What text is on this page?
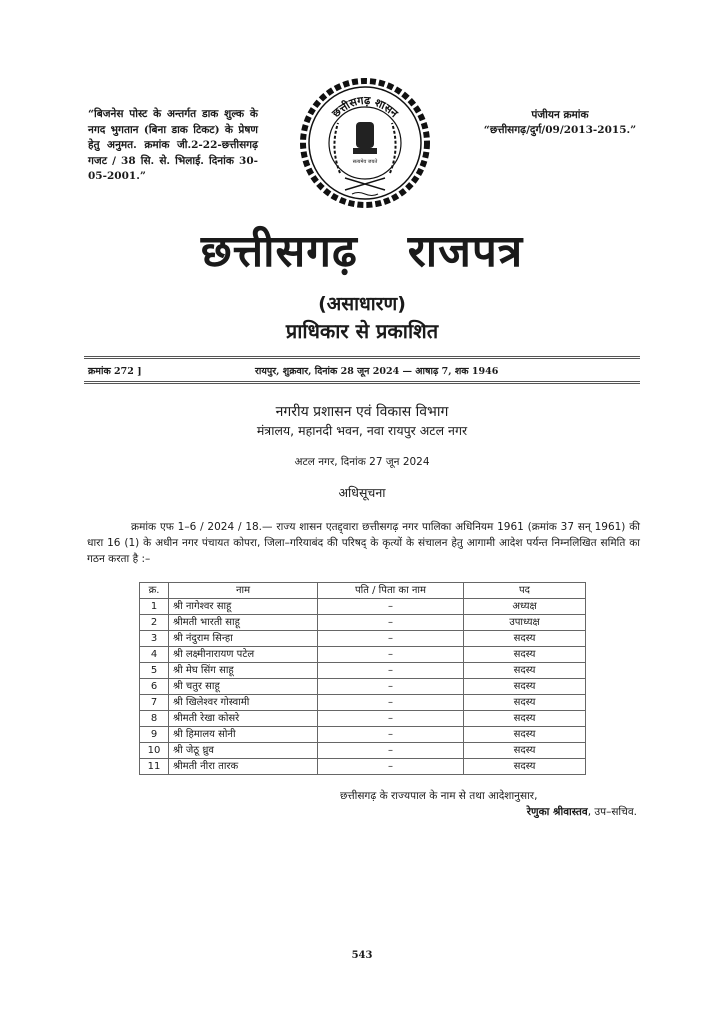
“बिजनेस पोस्ट के अन्तर्गत डाक शुल्क के नगद भुगतान (बिना डाक टिकट) के प्रेषण हेतु अनुमत. क्रमांक जी.2-22-छत्तीसगढ़ गजट / 38 सि. से. भिलाई. दिनांक 30-05-2001.”
पंजीयन क्रमांक
“छत्तीसगढ़/दुर्ग/09/2013-2015.”
सत्यमेव जयते
छत्तीसगढ़ शासन
छत्तीसगढ़ राजपत्र
(असाधारण)
प्राधिकार से प्रकाशित
क्रमांक 272 ]	रायपुर, शुक्रवार, दिनांक 28 जून 2024 — आषाढ़ 7, शक 1946
नगरीय प्रशासन एवं विकास विभाग
मंत्रालय, महानदी भवन, नवा रायपुर अटल नगर
अटल नगर, दिनांक 27 जून 2024
अधिसूचना
क्रमांक एफ 1–6 / 2024 / 18.— राज्य शासन एतद्द्वारा छत्तीसगढ़ नगर पालिका अधिनियम 1961 (क्रमांक 37 सन् 1961) की धारा 16 (1) के अधीन नगर पंचायत कोपरा, जिला–गरियाबंद की परिषद् के कृत्यों के संचालन हेतु आगामी आदेश पर्यन्त निम्नलिखित समिति का गठन करता है :–
क्र.	नाम	पति / पिता का नाम	पद
1	श्री नागेश्वर साहू	–	अध्यक्ष
2	श्रीमती भारती साहू	–	उपाध्यक्ष
3	श्री नंदुराम सिन्हा	–	सदस्य
4	श्री लक्ष्मीनारायण पटेल	–	सदस्य
5	श्री मेघ सिंग साहू	–	सदस्य
6	श्री चतुर साहू	–	सदस्य
7	श्री खिलेश्वर गोस्वामी	–	सदस्य
8	श्रीमती रेखा कोसरे	–	सदस्य
9	श्री हिमालय सोनी	–	सदस्य
10	श्री जेठू ध्रुव	–	सदस्य
11	श्रीमती नीरा तारक	–	सदस्य
छत्तीसगढ़ के राज्यपाल के नाम से तथा आदेशानुसार,
रेणुका श्रीवास्तव, उप–सचिव.
543
